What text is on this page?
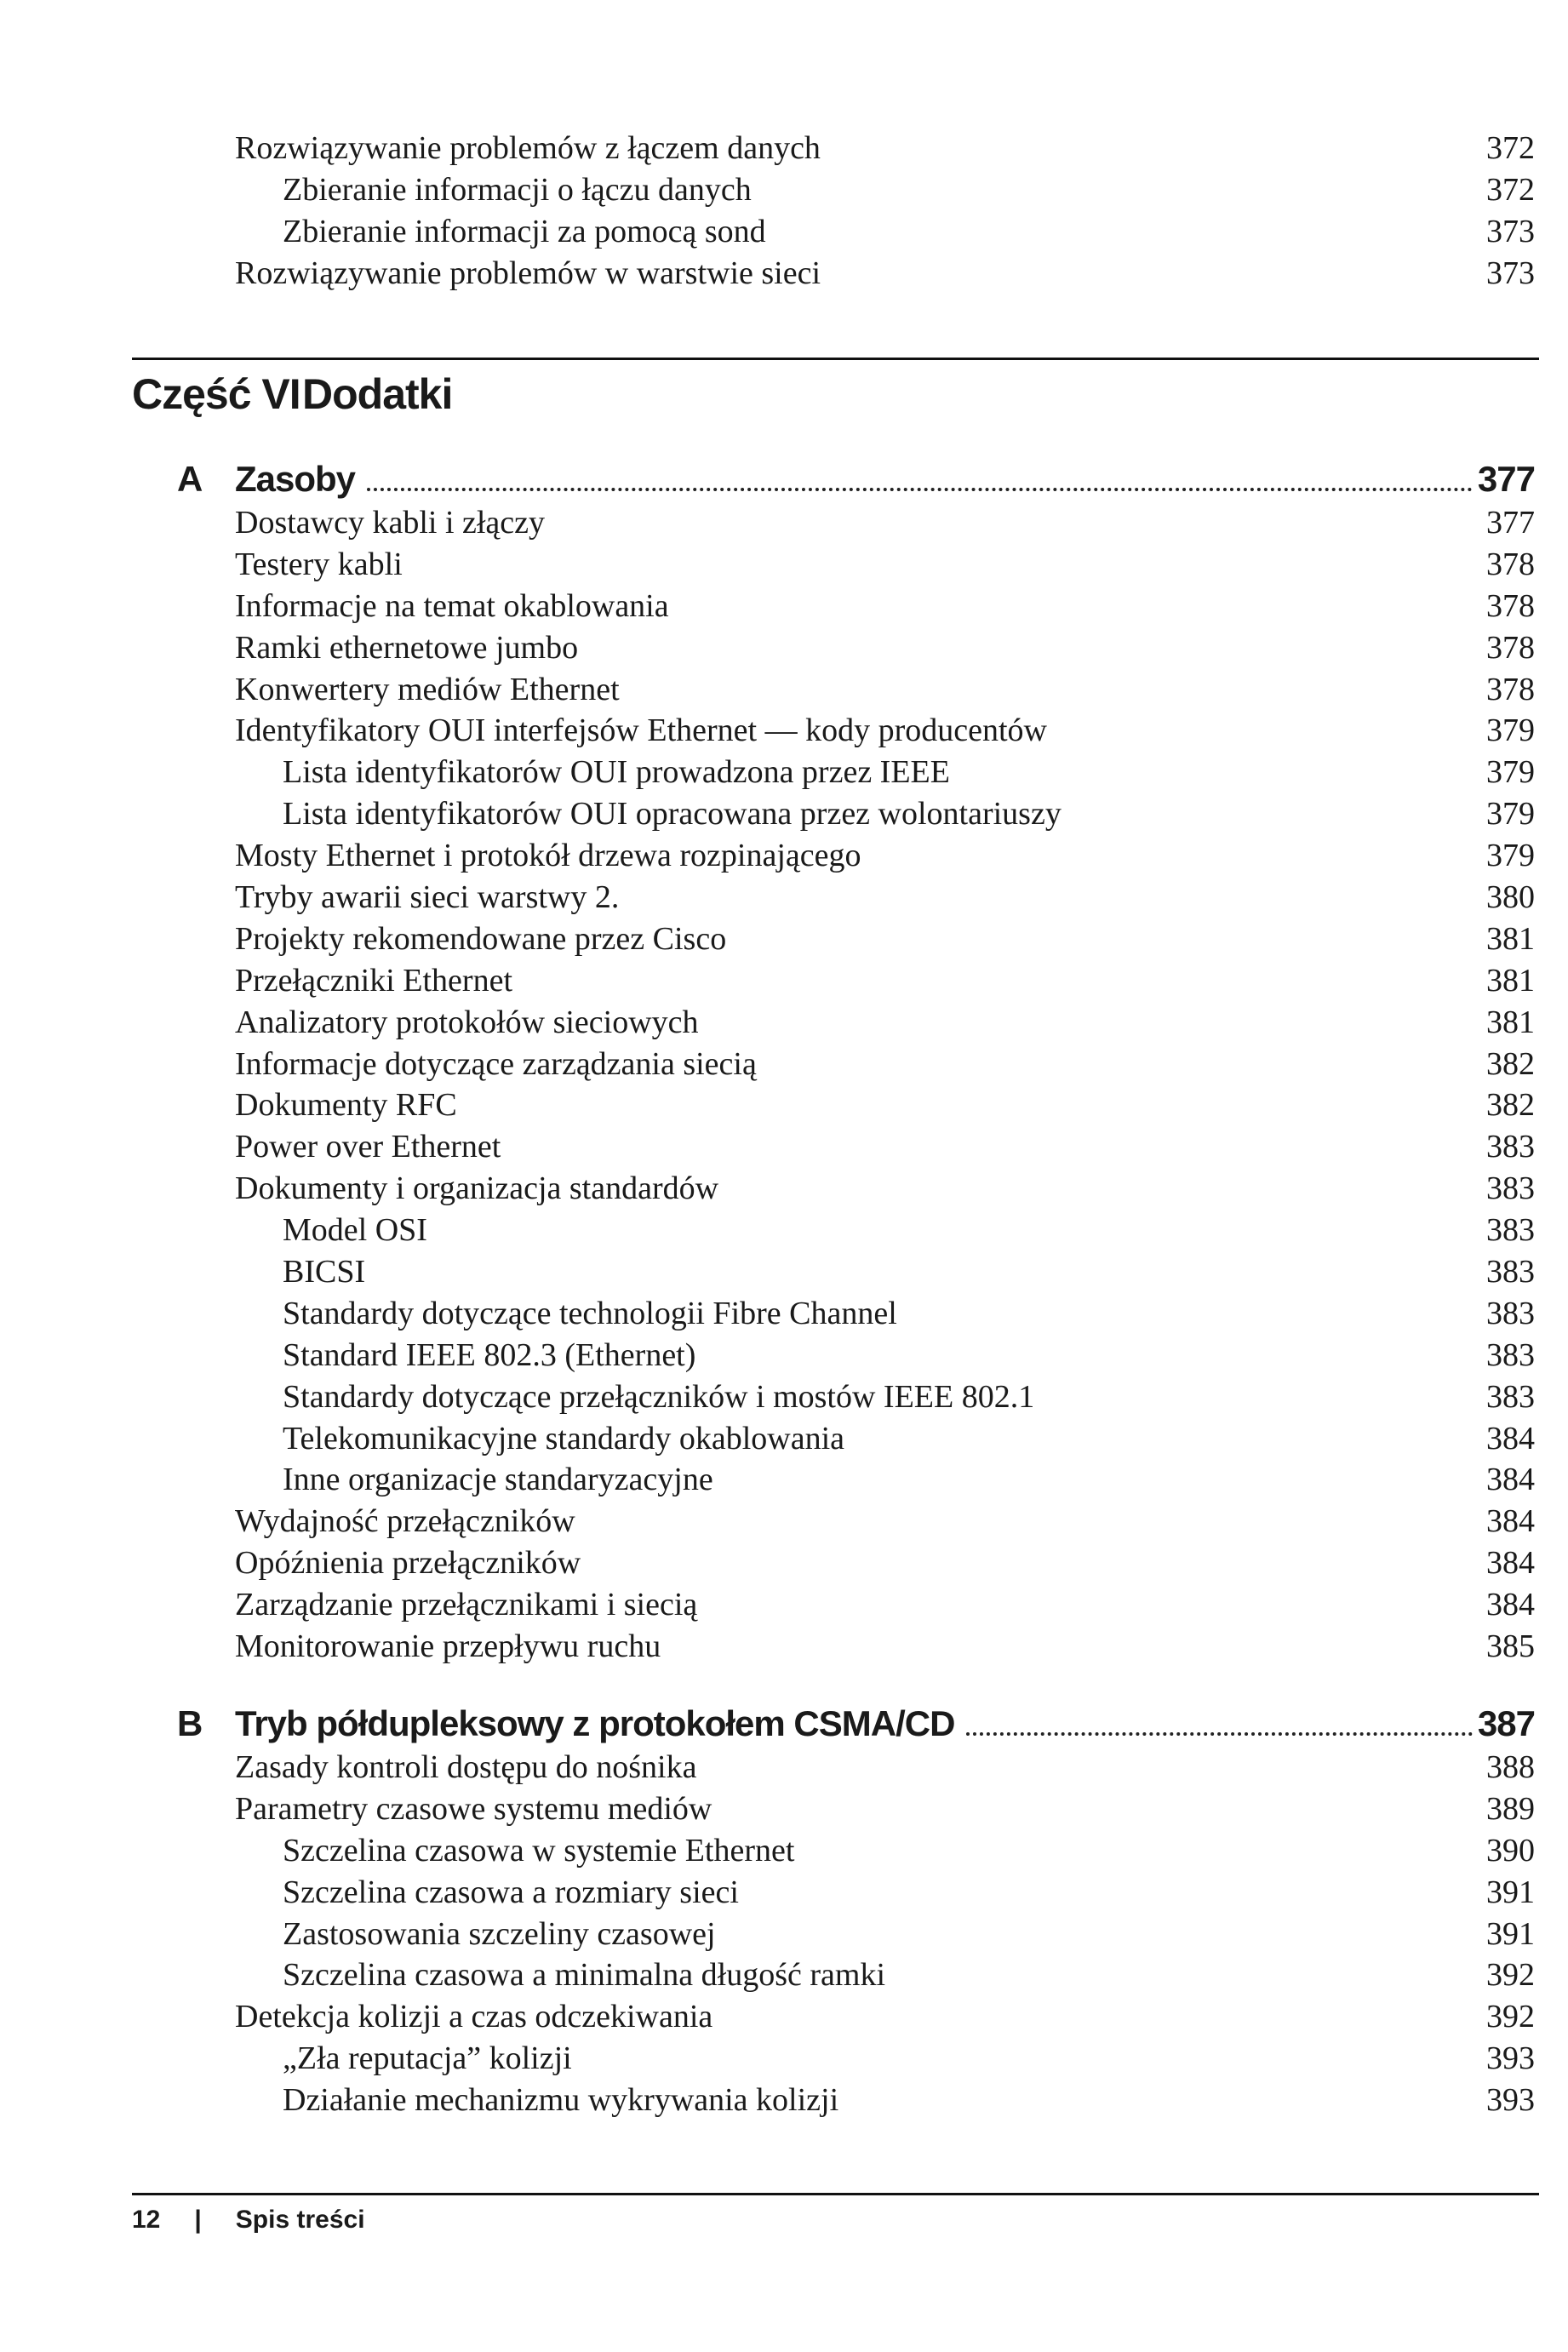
Rozwiązywanie problemów z łączem danych	372
Zbieranie informacji o łączu danych	372
Zbieranie informacji za pomocą sond	373
Rozwiązywanie problemów w warstwie sieci	373
Część VIDodatki
A Zasoby	377
Dostawcy kabli i złączy	377
Testery kabli	378
Informacje na temat okablowania	378
Ramki ethernetowe jumbo	378
Konwertery mediów Ethernet	378
Identyfikatory OUI interfejsów Ethernet — kody producentów	379
Lista identyfikatorów OUI prowadzona przez IEEE	379
Lista identyfikatorów OUI opracowana przez wolontariuszy	379
Mosty Ethernet i protokół drzewa rozpinającego	379
Tryby awarii sieci warstwy 2.	380
Projekty rekomendowane przez Cisco	381
Przełączniki Ethernet	381
Analizatory protokołów sieciowych	381
Informacje dotyczące zarządzania siecią	382
Dokumenty RFC	382
Power over Ethernet	383
Dokumenty i organizacja standardów	383
Model OSI	383
BICSI	383
Standardy dotyczące technologii Fibre Channel	383
Standard IEEE 802.3 (Ethernet)	383
Standardy dotyczące przełączników i mostów IEEE 802.1	383
Telekomunikacyjne standardy okablowania	384
Inne organizacje standaryzacyjne	384
Wydajność przełączników	384
Opóźnienia przełączników	384
Zarządzanie przełącznikami i siecią	384
Monitorowanie przepływu ruchu	385
B Tryb półdupleksowy z protokołem CSMA/CD	387
Zasady kontroli dostępu do nośnika	388
Parametry czasowe systemu mediów	389
Szczelina czasowa w systemie Ethernet	390
Szczelina czasowa a rozmiary sieci	391
Zastosowania szczeliny czasowej	391
Szczelina czasowa a minimalna długość ramki	392
Detekcja kolizji a czas odczekiwania	392
„Zła reputacja” kolizji	393
Działanie mechanizmu wykrywania kolizji	393
12 | Spis treści
